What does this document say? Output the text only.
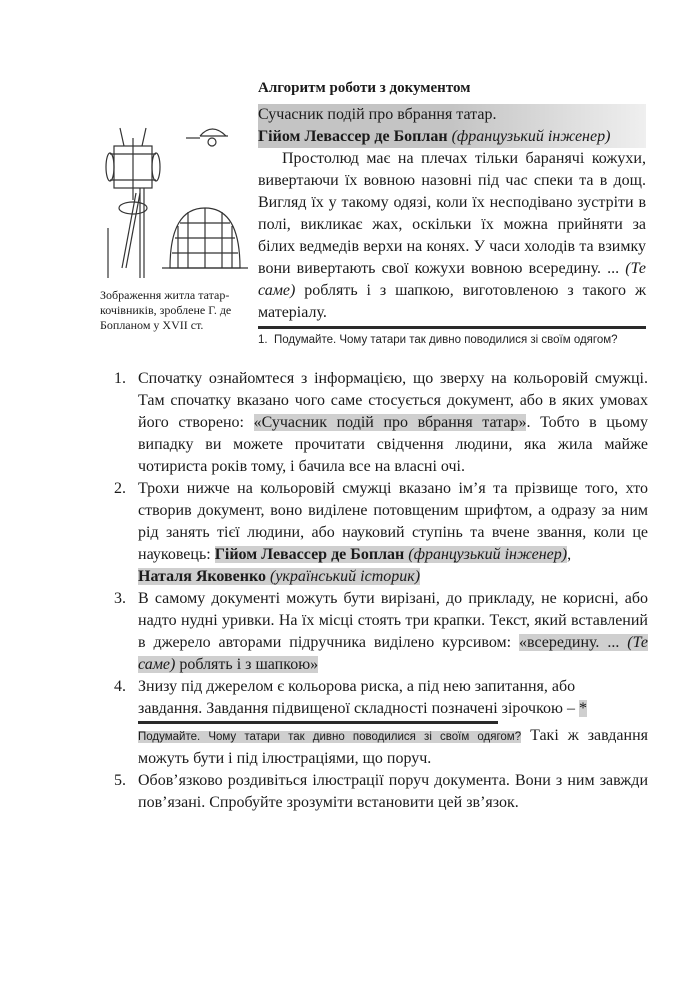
Алгоритм роботи з документом
Зображення житла татар-кочівників, зроблене Г. де Бопланом у XVII ст.
Сучасник подій про вбрання татар.
Гійом Левассер де Боплан (французький інженер)
Простолюд має на плечах тільки баранячі кожухи, вивертаючи їх вовною назовні під час спеки та в дощ. Вигляд їх у такому одязі, коли їх несподівано зустріти в полі, викликає жах, оскільки їх можна прийняти за білих ведмедів верхи на конях. У часи холодів та взимку вони вивертають свої кожухи вовною всередину. ... (Те саме) роблять і з шапкою, виготовленою з такого ж матеріалу.
1. Подумайте. Чому татари так дивно поводилися зі своїм одягом?
1. Спочатку ознайомтеся з інформацією, що зверху на кольоровій смужці. Там спочатку вказано чого саме стосується документ, або в яких умовах його створено: «Сучасник подій про вбрання татар». Тобто в цьому випадку ви можете прочитати свідчення людини, яка жила майже чотириста років тому, і бачила все на власні очі.
2. Трохи нижче на кольоровій смужці вказано ім’я та прізвище того, хто створив документ, воно виділене потовщеним шрифтом, а одразу за ним рід занять тієї людини, або науковий ступінь та вчене звання, коли це науковець: Гійом Левассер де Боплан (французький інженер),
Наталя Яковенко (український історик)
3. В самому документі можуть бути вирізані, до прикладу, не корисні, або надто нудні уривки. На їх місці стоять три крапки. Текст, який вставлений в джерело авторами підручника виділено курсивом: «всередину. ... (Те саме) роблять і з шапкою»
4. Знизу під джерелом є кольорова риска, а під нею запитання, або
завдання. Завдання підвищеної складності позначені зірочкою – *
Подумайте. Чому татари так дивно поводилися зі своїм одягом? Такі ж завдання можуть бути і під ілюстраціями, що поруч.
5. Обов’язково роздивіться ілюстрації поруч документа. Вони з ним завжди пов’язані. Спробуйте зрозуміти встановити цей зв’язок.
